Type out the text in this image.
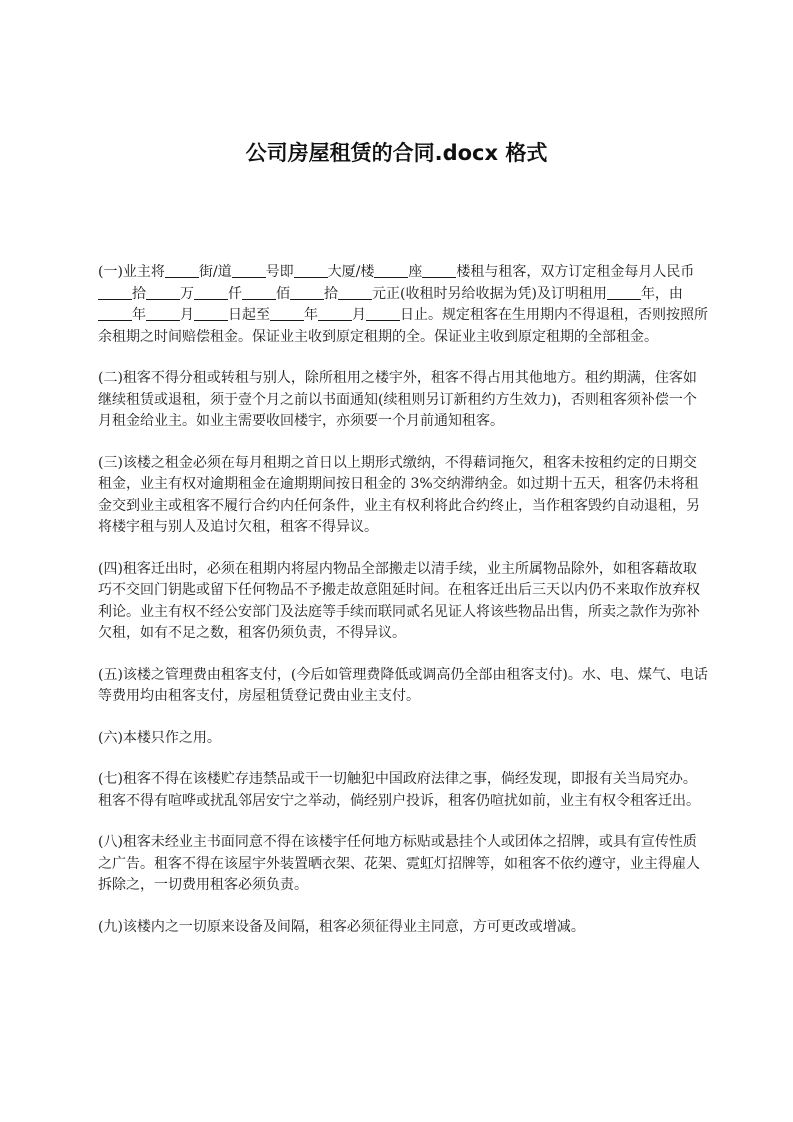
公司房屋租赁的合同.docx 格式

(一)业主将 街/道 号即 大厦/楼 座 楼租与租客，双方订定租金每月人民币拾 万 仟 佰 拾 元正(收租时另给收据为凭)及订明租用 年，由年 月 日起至 年 月 日止。规定租客在生用期内不得退租，否则按照所余租期之时间赔偿租金。保证业主收到原定租期的全。保证业主收到原定租期的全部租金。

(二)租客不得分租或转租与别人，除所租用之楼宇外，租客不得占用其他地方。租约期满，住客如继续租赁或退租，须于壹个月之前以书面通知(续租则另订新租约方生效力)，否则租客须补偿一个月租金给业主。如业主需要收回楼宇，亦须要一个月前通知租客。

(三)该楼之租金必须在每月租期之首日以上期形式缴纳，不得藉词拖欠，租客未按租约定的日期交租金，业主有权对逾期租金在逾期期间按日租金的 3%交纳滞纳金。如过期十五天，租客仍未将租金交到业主或租客不履行合约内任何条件，业主有权利将此合约终止，当作租客毁约自动退租，另将楼宇租与别人及追讨欠租，租客不得异议。

(四)租客迁出时，必须在租期内将屋内物品全部搬走以清手续，业主所属物品除外，如租客藉故取巧不交回门钥匙或留下任何物品不予搬走故意阻延时间。在租客迁出后三天以内仍不来取作放弃权利论。业主有权不经公安部门及法庭等手续而联同贰名见证人将该些物品出售，所卖之款作为弥补欠租，如有不足之数，租客仍须负责，不得异议。

(五)该楼之管理费由租客支付，(今后如管理费降低或调高仍全部由租客支付)。水、电、煤气、电话等费用均由租客支付，房屋租赁登记费由业主支付。

(六)本楼只作之用。

(七)租客不得在该楼贮存违禁品或干一切触犯中国政府法律之事，倘经发现，即报有关当局究办。租客不得有喧哗或扰乱邻居安宁之举动，倘经别户投诉，租客仍喧扰如前，业主有权令租客迁出。

(八)租客未经业主书面同意不得在该楼宇任何地方标贴或悬挂个人或团体之招牌，或具有宣传性质之广告。租客不得在该屋宇外装置晒衣架、花架、霓虹灯招牌等，如租客不依约遵守，业主得雇人拆除之，一切费用租客必须负责。

(九)该楼内之一切原来设备及间隔，租客必须征得业主同意，方可更改或增减。
